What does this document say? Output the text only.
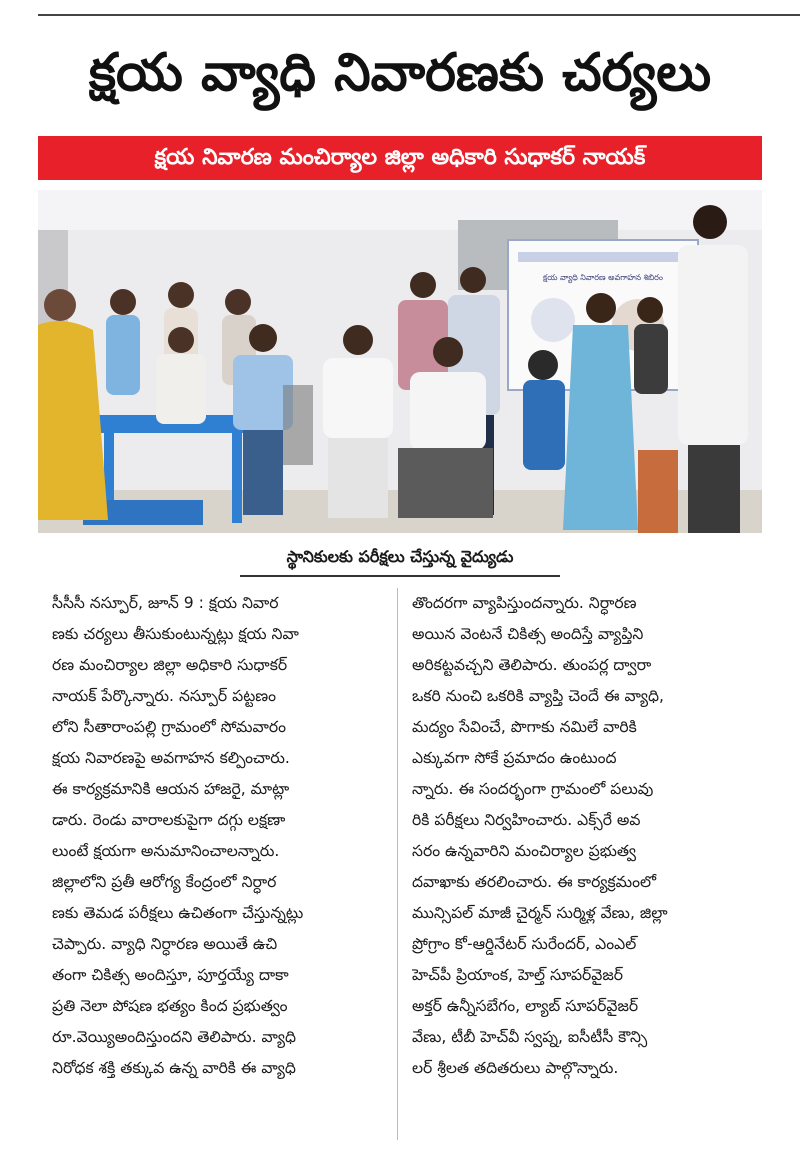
క్షయ వ్యాధి నివారణకు చర్యలు
క్షయ నివారణ మంచిర్యాల జిల్లా అధికారి సుధాకర్ నాయక్
క్షయ వ్యాధి నివారణ అవగాహన శిబిరం
స్థానికులకు పరీక్షలు చేస్తున్న వైద్యుడు
సీసీసీ నస్పూర్, జూన్ 9 : క్షయ నివార
ణకు చర్యలు తీసుకుంటున్నట్లు క్షయ నివా
రణ మంచిర్యాల జిల్లా అధికారి సుధాకర్
నాయక్ పేర్కొన్నారు. నస్పూర్ పట్టణం
లోని సీతారాంపల్లి గ్రామంలో సోమవారం
క్షయ నివారణపై అవగాహన కల్పించారు.
ఈ కార్యక్రమానికి ఆయన హాజరై, మాట్లా
డారు. రెండు వారాలకుపైగా దగ్గు లక్షణా
లుంటే క్షయగా అనుమానించాలన్నారు.
జిల్లాలోని ప్రతీ ఆరోగ్య కేంద్రంలో నిర్ధార
ణకు తెమడ పరీక్షలు ఉచితంగా చేస్తున్నట్లు
చెప్పారు. వ్యాధి నిర్ధారణ అయితే ఉచి
తంగా చికిత్స అందిస్తూ, పూర్తయ్యే దాకా
ప్రతి నెలా పోషణ భత్యం కింద ప్రభుత్వం
రూ.వెయ్యిఅందిస్తుందని తెలిపారు. వ్యాధి
నిరోధక శక్తి తక్కువ ఉన్న వారికి ఈ వ్యాధి
తొందరగా వ్యాపిస్తుందన్నారు. నిర్ధారణ
అయిన వెంటనే చికిత్స అందిస్తే వ్యాప్తిని
అరికట్టవచ్చని తెలిపారు. తుంపర్ల ద్వారా
ఒకరి నుంచి ఒకరికి వ్యాప్తి చెందే ఈ వ్యాధి,
మద్యం సేవించే, పొగాకు నమిలే వారికి
ఎక్కువగా సోకే ప్రమాదం ఉంటుంద
న్నారు. ఈ సందర్భంగా గ్రామంలో పలువు
రికి పరీక్షలు నిర్వహించారు. ఎక్స్‌రే అవ
సరం ఉన్నవారిని మంచిర్యాల ప్రభుత్వ
దవాఖాకు తరలించారు. ఈ కార్యక్రమంలో
మున్సిపల్ మాజీ చైర్మన్ సుర్మిళ్ల వేణు, జిల్లా
ప్రోగ్రాం కో-ఆర్డినేటర్ సురేందర్, ఎంఎల్
హెచ్‌పీ ప్రియాంక, హెల్త్ సూపర్‌వైజర్
అక్తర్ ఉన్నీసబేగం, ల్యాబ్ సూపర్‌వైజర్
వేణు, టీబీ హెచ్‌వీ స్వప్న, ఐసీటీసీ కౌన్సి
లర్ శ్రీలత తదితరులు పాల్గొన్నారు.
